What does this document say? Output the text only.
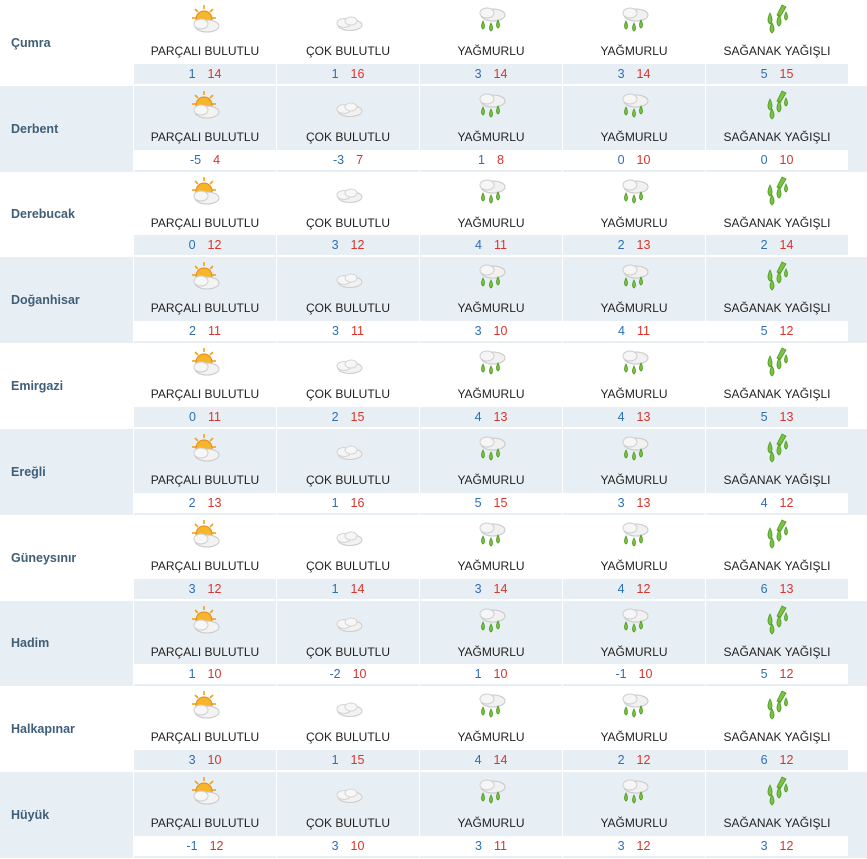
Çumra
PARÇALI BULUTLU
1 14
ÇOK BULUTLU
1 16
YAĞMURLU
3 14
YAĞMURLU
3 14
SAĞANAK YAĞIŞLI
5 15
Derbent
PARÇALI BULUTLU
-5 4
ÇOK BULUTLU
-3 7
YAĞMURLU
1 8
YAĞMURLU
0 10
SAĞANAK YAĞIŞLI
0 10
Derebucak
PARÇALI BULUTLU
0 12
ÇOK BULUTLU
3 12
YAĞMURLU
4 11
YAĞMURLU
2 13
SAĞANAK YAĞIŞLI
2 14
Doğanhisar
PARÇALI BULUTLU
2 11
ÇOK BULUTLU
3 11
YAĞMURLU
3 10
YAĞMURLU
4 11
SAĞANAK YAĞIŞLI
5 12
Emirgazi
PARÇALI BULUTLU
0 11
ÇOK BULUTLU
2 15
YAĞMURLU
4 13
YAĞMURLU
4 13
SAĞANAK YAĞIŞLI
5 13
Ereğli
PARÇALI BULUTLU
2 13
ÇOK BULUTLU
1 16
YAĞMURLU
5 15
YAĞMURLU
3 13
SAĞANAK YAĞIŞLI
4 12
Güneysınır
PARÇALI BULUTLU
3 12
ÇOK BULUTLU
1 14
YAĞMURLU
3 14
YAĞMURLU
4 12
SAĞANAK YAĞIŞLI
6 13
Hadim
PARÇALI BULUTLU
1 10
ÇOK BULUTLU
-2 10
YAĞMURLU
1 10
YAĞMURLU
-1 10
SAĞANAK YAĞIŞLI
5 12
Halkapınar
PARÇALI BULUTLU
3 10
ÇOK BULUTLU
1 15
YAĞMURLU
4 14
YAĞMURLU
2 12
SAĞANAK YAĞIŞLI
6 12
Hüyük
PARÇALI BULUTLU
-1 12
ÇOK BULUTLU
3 10
YAĞMURLU
3 11
YAĞMURLU
3 12
SAĞANAK YAĞIŞLI
3 12
